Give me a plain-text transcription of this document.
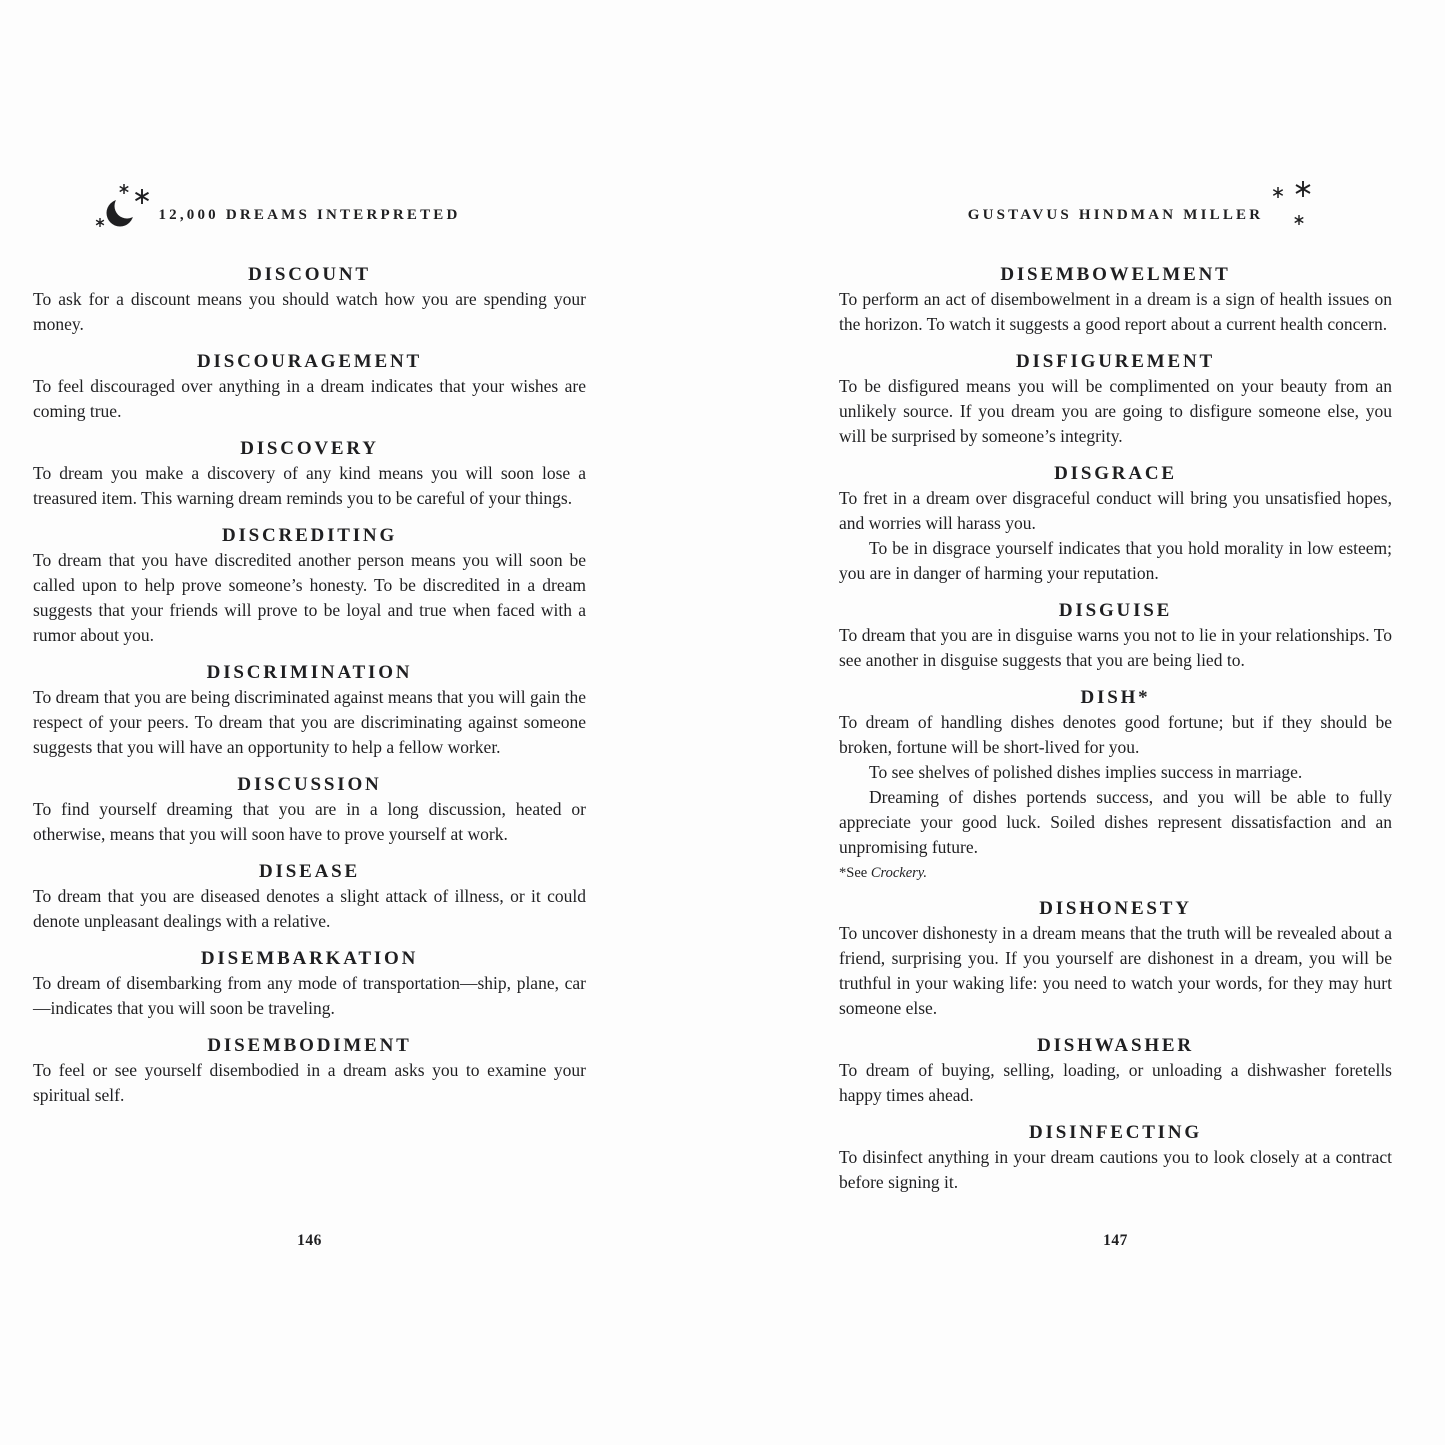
12,000 DREAMS INTERPRETED
DISCOUNT

To ask for a discount means you should watch how you are spending your money.

DISCOURAGEMENT

To feel discouraged over anything in a dream indicates that your wishes are coming true.

DISCOVERY

To dream you make a discovery of any kind means you will soon lose a treasured item. This warning dream reminds you to be careful of your things.

DISCREDITING

To dream that you have discredited another person means you will soon be called upon to help prove someone’s honesty. To be discredited in a dream suggests that your friends will prove to be loyal and true when faced with a rumor about you.

DISCRIMINATION

To dream that you are being discriminated against means that you will gain the respect of your peers. To dream that you are discriminating against someone suggests that you will have an opportunity to help a fellow worker.

DISCUSSION

To find yourself dreaming that you are in a long discussion, heated or otherwise, means that you will soon have to prove yourself at work.

DISEASE

To dream that you are diseased denotes a slight attack of illness, or it could denote unpleasant dealings with a relative.

DISEMBARKATION

To dream of disembarking from any mode of transportation—ship, plane, car—indicates that you will soon be traveling.

DISEMBODIMENT

To feel or see yourself disembodied in a dream asks you to examine your spiritual self.

146
GUSTAVUS HINDMAN MILLER
DISEMBOWELMENT

To perform an act of disembowelment in a dream is a sign of health issues on the horizon. To watch it suggests a good report about a current health concern.

DISFIGUREMENT

To be disfigured means you will be complimented on your beauty from an unlikely source. If you dream you are going to disfigure someone else, you will be surprised by someone’s integrity.

DISGRACE

To fret in a dream over disgraceful conduct will bring you unsatisfied hopes, and worries will harass you.

To be in disgrace yourself indicates that you hold morality in low esteem; you are in danger of harming your reputation.

DISGUISE

To dream that you are in disguise warns you not to lie in your relationships. To see another in disguise suggests that you are being lied to.

DISH*

To dream of handling dishes denotes good fortune; but if they should be broken, fortune will be short-lived for you.

To see shelves of polished dishes implies success in marriage.

Dreaming of dishes portends success, and you will be able to fully appreciate your good luck. Soiled dishes represent dissatisfaction and an unpromising future.

*See Crockery.

DISHONESTY

To uncover dishonesty in a dream means that the truth will be revealed about a friend, surprising you. If you yourself are dishonest in a dream, you will be truthful in your waking life: you need to watch your words, for they may hurt someone else.

DISHWASHER

To dream of buying, selling, loading, or unloading a dishwasher foretells happy times ahead.

DISINFECTING

To disinfect anything in your dream cautions you to look closely at a contract before signing it.

147
